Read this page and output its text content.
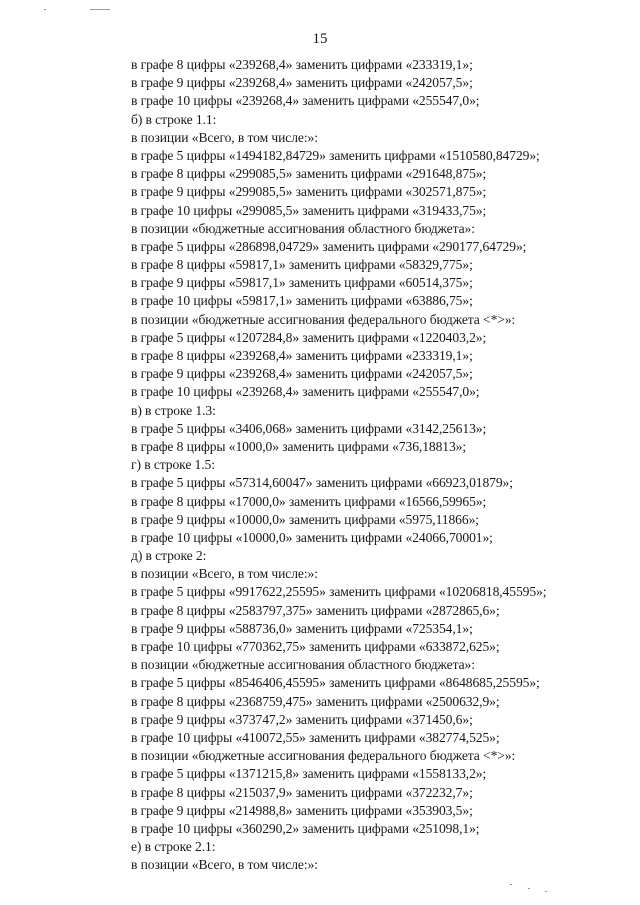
15
в графе 8 цифры «239268,4» заменить цифрами «233319,1»;
в графе 9 цифры «239268,4» заменить цифрами «242057,5»;
в графе 10 цифры «239268,4» заменить цифрами «255547,0»;
б) в строке 1.1:
в позиции «Всего, в том числе:»:
в графе 5 цифры «1494182,84729» заменить цифрами «1510580,84729»;
в графе 8 цифры «299085,5» заменить цифрами «291648,875»;
в графе 9 цифры «299085,5» заменить цифрами «302571,875»;
в графе 10 цифры «299085,5» заменить цифрами «319433,75»;
в позиции «бюджетные ассигнования областного бюджета»:
в графе 5 цифры «286898,04729» заменить цифрами «290177,64729»;
в графе 8 цифры «59817,1» заменить цифрами «58329,775»;
в графе 9 цифры «59817,1» заменить цифрами «60514,375»;
в графе 10 цифры «59817,1» заменить цифрами «63886,75»;
в позиции «бюджетные ассигнования федерального бюджета <*>»:
в графе 5 цифры «1207284,8» заменить цифрами «1220403,2»;
в графе 8 цифры «239268,4» заменить цифрами «233319,1»;
в графе 9 цифры «239268,4» заменить цифрами «242057,5»;
в графе 10 цифры «239268,4» заменить цифрами «255547,0»;
в) в строке 1.3:
в графе 5 цифры «3406,068» заменить цифрами «3142,25613»;
в графе 8 цифры «1000,0» заменить цифрами «736,18813»;
г) в строке 1.5:
в графе 5 цифры «57314,60047» заменить цифрами «66923,01879»;
в графе 8 цифры «17000,0» заменить цифрами «16566,59965»;
в графе 9 цифры «10000,0» заменить цифрами «5975,11866»;
в графе 10 цифры «10000,0» заменить цифрами «24066,70001»;
д) в строке 2:
в позиции «Всего, в том числе:»:
в графе 5 цифры «9917622,25595» заменить цифрами «10206818,45595»;
в графе 8 цифры «2583797,375» заменить цифрами «2872865,6»;
в графе 9 цифры «588736,0» заменить цифрами «725354,1»;
в графе 10 цифры «770362,75» заменить цифрами «633872,625»;
в позиции «бюджетные ассигнования областного бюджета»:
в графе 5 цифры «8546406,45595» заменить цифрами «8648685,25595»;
в графе 8 цифры «2368759,475» заменить цифрами «2500632,9»;
в графе 9 цифры «373747,2» заменить цифрами «371450,6»;
в графе 10 цифры «410072,55» заменить цифрами «382774,525»;
в позиции «бюджетные ассигнования федерального бюджета <*>»:
в графе 5 цифры «1371215,8» заменить цифрами «1558133,2»;
в графе 8 цифры «215037,9» заменить цифрами «372232,7»;
в графе 9 цифры «214988,8» заменить цифрами «353903,5»;
в графе 10 цифры «360290,2» заменить цифрами «251098,1»;
е) в строке 2.1:
в позиции «Всего, в том числе:»:
